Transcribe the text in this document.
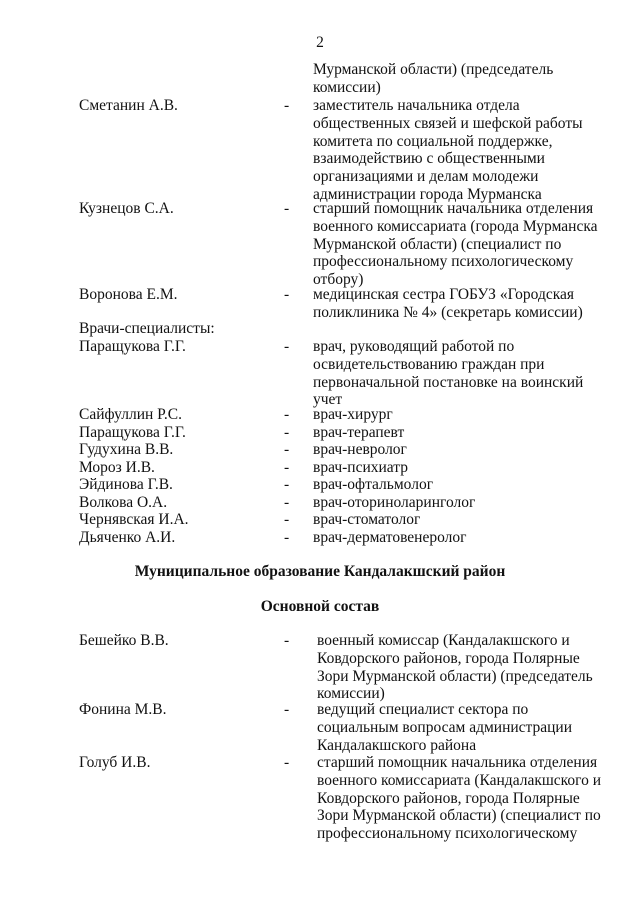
2
Мурманской области) (председатель
комиссии)
Сметанин А.В.	- заместитель начальника отдела
общественных связей и шефской работы
комитета по социальной поддержке,
взаимодействию с общественными
организациями и делам молодежи
администрации города Мурманска
Кузнецов С.А.	- старший помощник начальника отделения
военного комиссариата (города Мурманска
Мурманской области) (специалист по
профессиональному психологическому
отбору)
Воронова Е.М.	- медицинская сестра ГОБУЗ «Городская
поликлиника № 4» (секретарь комиссии)
Врачи-специалисты:
Паращукова Г.Г.	- врач, руководящий работой по
освидетельствованию граждан при
первоначальной постановке на воинский
учет
Сайфуллин Р.С.	- врач-хирург
Паращукова Г.Г.	- врач-терапевт
Гудухина В.В.	- врач-невролог
Мороз И.В.	- врач-психиатр
Эйдинова Г.В.	- врач-офтальмолог
Волкова О.А.	- врач-оториноларинголог
Чернявская И.А.	- врач-стоматолог
Дьяченко А.И.	- врач-дерматовенеролог
Муниципальное образование Кандалакшский район
Основной состав
Бешейко В.В.	- военный комиссар (Кандалакшского и
Ковдорского районов, города Полярные
Зори Мурманской области) (председатель
комиссии)
Фонина М.В.	- ведущий специалист сектора по
социальным вопросам администрации
Кандалакшского района
Голуб И.В.	- старший помощник начальника отделения
военного комиссариата (Кандалакшского и
Ковдорского районов, города Полярные
Зори Мурманской области) (специалист по
профессиональному психологическому
